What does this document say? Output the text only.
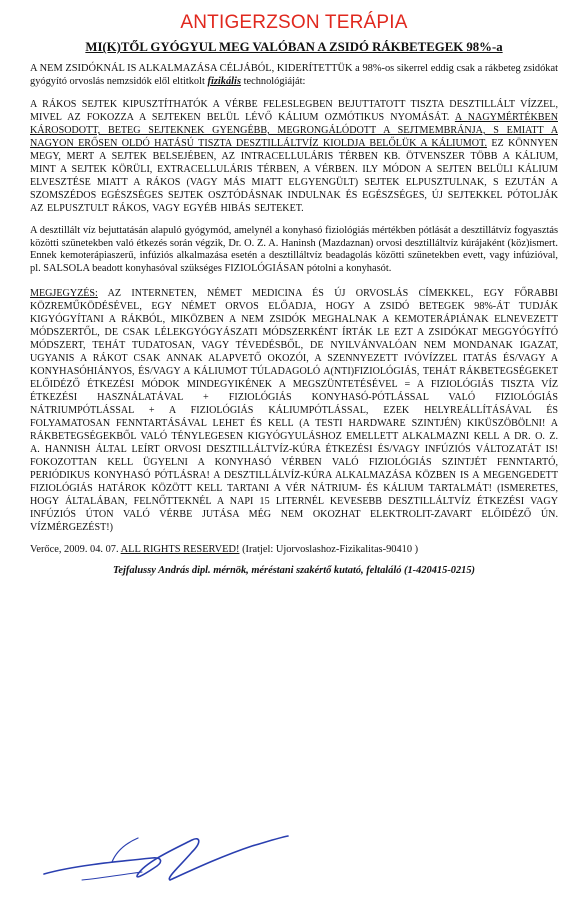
ANTIGERZSON TERÁPIA
MI(K)TŐL GYÓGYUL MEG VALÓBAN A ZSIDÓ RÁKBETEGEK 98%-a

A NEM ZSIDÓKNÁL IS ALKALMAZÁSA CÉLJÁBÓL, KIDERÍTETTÜK a 98%-os sikerrel eddig csak a rákbeteg zsidókat gyógyító orvoslás nemzsidók elől eltitkolt fizikális technológiáját:

A RÁKOS SEJTEK KIPUSZTÍTHATÓK A VÉRBE FELESLEGBEN BEJUTTATOTT TISZTA DESZTILLÁLT VÍZZEL, MIVEL AZ FOKOZZA A SEJTEKEN BELÜL LÉVŐ KÁLIUM OZMÓTIKUS NYOMÁSÁT. A NAGYMÉRTÉKBEN KÁROSODOTT, BETEG SEJTEKNEK GYENGÉBB, MEGRONGÁLÓDOTT A SEJTMEMBRÁNJA, S EMIATT A NAGYON ERŐSEN OLDÓ HATÁSÚ TISZTA DESZTILLÁLTVÍZ KIOLDJA BELŐLÜK A KÁLIUMOT. EZ KÖNNYEN MEGY, MERT A SEJTEK BELSEJÉBEN, AZ INTRACELLULÁRIS TÉRBEN KB. ÖTVENSZER TÖBB A KÁLIUM, MINT A SEJTEK KÖRÜLI, EXTRACELLULÁRIS TÉRBEN, A VÉRBEN. ILY MÓDON A SEJTEN BELÜLI KÁLIUM ELVESZTÉSE MIATT A RÁKOS (VAGY MÁS MIATT ELGYENGÜLT) SEJTEK ELPUSZTULNAK, S EZUTÁN A SZOMSZÉDOS EGÉSZSÉGES SEJTEK OSZTÓDÁSNAK INDULNAK ÉS EGÉSZSÉGES, ÚJ SEJTEKKEL PÓTOLJÁK AZ ELPUSZTULT RÁKOS, VAGY EGYÉB HIBÁS SEJTEKET.

A desztillált víz bejuttatásán alapuló gyógymód, amelynél a konyhasó fiziológiás mértékben pótlását a desztillátvíz fogyasztás közötti szünetekben való étkezés során végzik, Dr. O. Z. A. Haninsh (Mazdaznan) orvosi desztilláltvíz kúrájaként (köz)ismert. Ennek kemoterápiaszerű, infúziós alkalmazása esetén a desztilláltvíz beadagolás közötti szünetekben evett, vagy infúzióval, pl. SALSOLA beadott konyhasóval szükséges FIZIOLÓGIÁSAN pótolni a konyhasót.

MEGJEGYZÉS: AZ INTERNETEN, NÉMET MEDICINA ÉS ÚJ ORVOSLÁS CÍMEKKEL, EGY FŐRABBI KÖZREMŰKÖDÉSÉVEL, EGY NÉMET ORVOS ELŐADJA, HOGY A ZSIDÓ BETEGEK 98%-ÁT TUDJÁK KIGYÓGYÍTANI A RÁKBÓL, MIKÖZBEN A NEM ZSIDÓK MEGHALNAK A KEMOTERÁPIÁNAK ELNEVEZETT MÓDSZERTŐL, DE CSAK LÉLEKGYÓGYÁSZATI MÓDSZERKÉNT ÍRTÁK LE EZT A ZSIDÓKAT MEGGYÓGYÍTÓ MÓDSZERT, TEHÁT TUDATOSAN, VAGY TÉVEDÉSBŐL, DE NYILVÁNVALÓAN NEM MONDANAK IGAZAT, UGYANIS A RÁKOT CSAK ANNAK ALAPVETŐ OKOZÓI, A SZENNYEZETT IVÓVÍZZEL ITATÁS ÉS/VAGY A KONYHASÓHIÁNYOS, ÉS/VAGY A KÁLIUMOT TÚLADAGOLÓ A(NTI)FIZIOLÓGIÁS, TEHÁT RÁKBETEGSÉGEKET ELŐIDÉZŐ ÉTKEZÉSI MÓDOK MINDEGYIKÉNEK A MEGSZÜNTETÉSÉVEL = A FIZIOLÓGIÁS TISZTA VÍZ ÉTKEZÉSI HASZNÁLATÁVAL + FIZIOLÓGIÁS KONYHASÓ-PÓTLÁSSAL VALÓ FIZIOLÓGIÁS NÁTRIUMPÓTLÁSSAL + A FIZIOLÓGIÁS KÁLIUMPÓTLÁSSAL, EZEK HELYREÁLLÍTÁSÁVAL ÉS FOLYAMATOSAN FENNTARTÁSÁVAL LEHET ÉS KELL (A TESTI HARDWARE SZINTJÉN) KIKÜSZÖBÖLNI! A RÁKBETEGSÉGEKBŐL VALÓ TÉNYLEGESEN KIGYÓGYULÁSHOZ EMELLETT ALKALMAZNI KELL A DR. O. Z. A. HANNISH ÁLTAL LEÍRT ORVOSI DESZTILLÁLTVÍZ-KÚRA ÉTKEZÉSI ÉS/VAGY INFÚZIÓS VÁLTOZATÁT IS! FOKOZOTTAN KELL ÜGYELNI A KONYHASÓ VÉRBEN VALÓ FIZIOLÓGIÁS SZINTJÉT FENNTARTÓ, PERIÓDIKUS KONYHASÓ PÓTLÁSRA! A DESZTILLÁLVÍZ-KÚRA ALKALMAZÁSA KÖZBEN IS A MEGENGEDETT FIZIOLÓGIÁS HATÁROK KÖZÖTT KELL TARTANI A VÉR NÁTRIUM- ÉS KÁLIUM TARTALMÁT! (ISMERETES, HOGY ÁLTALÁBAN, FELNŐTTEKNÉL A NAPI 15 LITERNÉL KEVESEBB DESZTILLÁLTVÍZ ÉTKEZÉSI VAGY INFÚZIÓS ÚTON VALÓ VÉRBE JUTÁSA MÉG NEM OKOZHAT ELEKTROLIT-ZAVART ELŐIDÉZŐ ÚN. VÍZMÉRGEZÉST!)

Verőce, 2009. 04. 07. ALL RIGHTS RESERVED! (Iratjel: Ujorvoslashoz-Fizikalitas-90410 )
Tejfalussy András dipl. mérnök, méréstani szakértő kutató, feltaláló (1-420415-0215)
